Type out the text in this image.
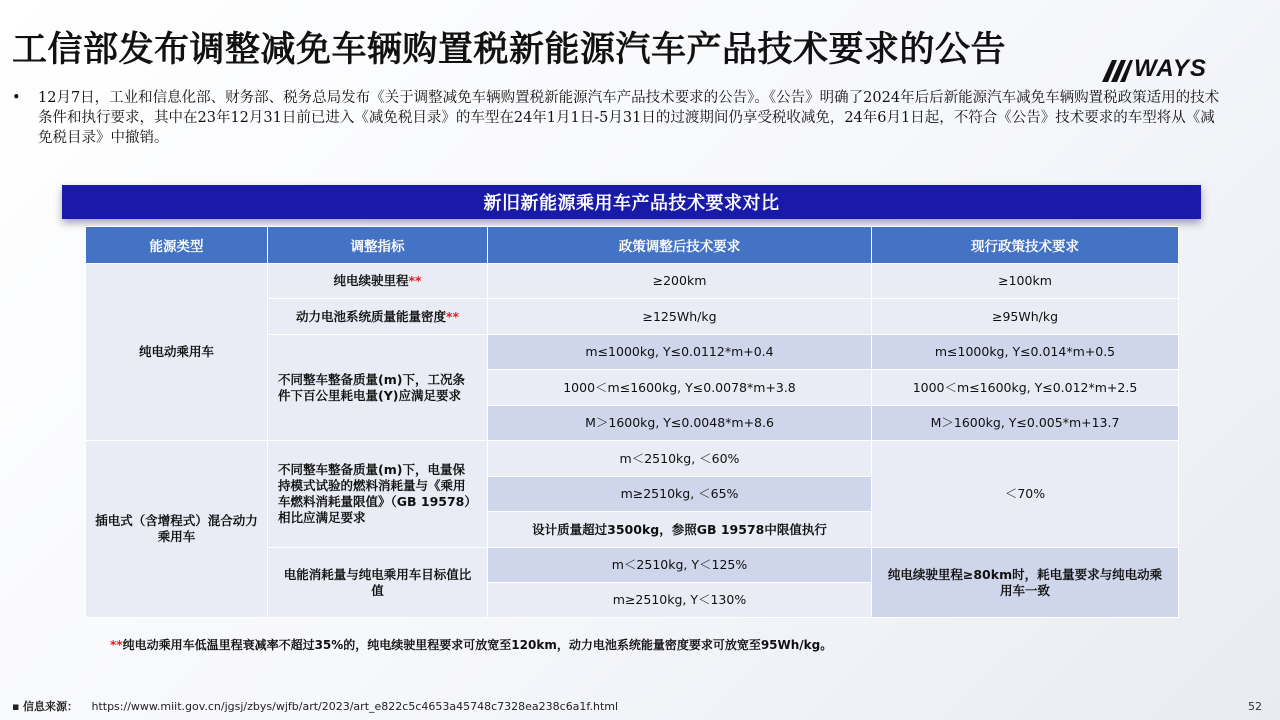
工信部发布调整减免车辆购置税新能源汽车产品技术要求的公告	WAYS
•	12月7日，工业和信息化部、财务部、税务总局发布《关于调整减免车辆购置税新能源汽车产品技术要求的公告》。《公告》明确了2024年后后新能源汽车减免车辆购置税政策适用的技术条件和执行要求，其中在23年12月31日前已进入《减免税目录》的车型在24年1月1日-5月31日的过渡期间仍享受税收减免，24年6月1日起，不符合《公告》技术要求的车型将从《减免税目录》中撤销。
新旧新能源乘用车产品技术要求对比
能源类型	调整指标	政策调整后技术要求	现行政策技术要求
纯电动乘用车	纯电续驶里程**	≥200km	≥100km
	动力电池系统质量能量密度**	≥125Wh/kg	≥95Wh/kg
	不同整车整备质量(m)下，工况条件下百公里耗电量(Y)应满足要求	m≤1000kg, Y≤0.0112*m+0.4	m≤1000kg, Y≤0.014*m+0.5
		1000＜m≤1600kg, Y≤0.0078*m+3.8	1000＜m≤1600kg, Y≤0.012*m+2.5
		M＞1600kg, Y≤0.0048*m+8.6	M＞1600kg, Y≤0.005*m+13.7
插电式（含增程式）混合动力乘用车	不同整车整备质量(m)下，电量保持模式试验的燃料消耗量与《乘用车燃料消耗量限值》（GB 19578）相比应满足要求	m＜2510kg, ＜60%	＜70%
		m≥2510kg, ＜65%	
		设计质量超过3500kg，参照GB 19578中限值执行	
	电能消耗量与纯电乘用车目标值比值	m＜2510kg, Y＜125%	纯电续驶里程≥80km时，耗电量要求与纯电动乘用车一致
		m≥2510kg, Y＜130%	
**纯电动乘用车低温里程衰减率不超过35%的，纯电续驶里程要求可放宽至120km，动力电池系统能量密度要求可放宽至95Wh/kg。
▪ 信息来源： https://www.miit.gov.cn/jgsj/zbys/wjfb/art/2023/art_e822c5c4653a45748c7328ea238c6a1f.html	52
